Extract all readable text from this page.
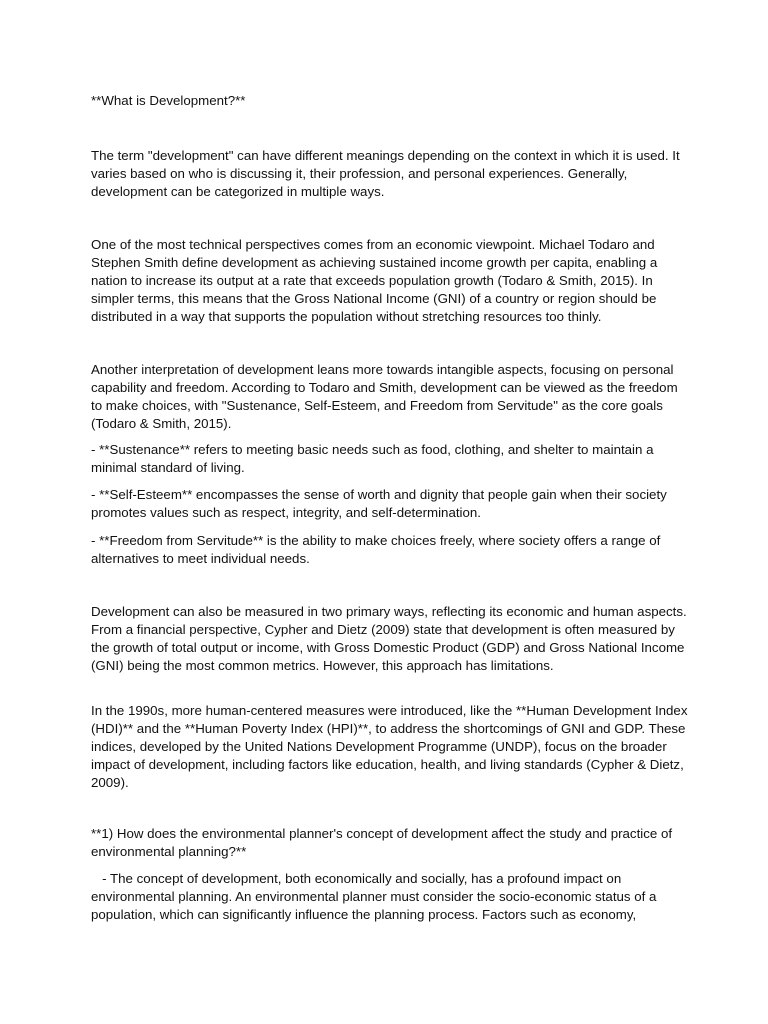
**What is Development?**

The term "development" can have different meanings depending on the context in which it is used. It varies based on who is discussing it, their profession, and personal experiences. Generally, development can be categorized in multiple ways.

One of the most technical perspectives comes from an economic viewpoint. Michael Todaro and Stephen Smith define development as achieving sustained income growth per capita, enabling a nation to increase its output at a rate that exceeds population growth (Todaro & Smith, 2015). In simpler terms, this means that the Gross National Income (GNI) of a country or region should be distributed in a way that supports the population without stretching resources too thinly.

Another interpretation of development leans more towards intangible aspects, focusing on personal capability and freedom. According to Todaro and Smith, development can be viewed as the freedom to make choices, with "Sustenance, Self-Esteem, and Freedom from Servitude" as the core goals (Todaro & Smith, 2015).

- **Sustenance** refers to meeting basic needs such as food, clothing, and shelter to maintain a minimal standard of living.

- **Self-Esteem** encompasses the sense of worth and dignity that people gain when their society promotes values such as respect, integrity, and self-determination.

- **Freedom from Servitude** is the ability to make choices freely, where society offers a range of alternatives to meet individual needs.

Development can also be measured in two primary ways, reflecting its economic and human aspects. From a financial perspective, Cypher and Dietz (2009) state that development is often measured by the growth of total output or income, with Gross Domestic Product (GDP) and Gross National Income (GNI) being the most common metrics. However, this approach has limitations.

In the 1990s, more human-centered measures were introduced, like the **Human Development Index (HDI)** and the **Human Poverty Index (HPI)**, to address the shortcomings of GNI and GDP. These indices, developed by the United Nations Development Programme (UNDP), focus on the broader impact of development, including factors like education, health, and living standards (Cypher & Dietz, 2009).

**1) How does the environmental planner's concept of development affect the study and practice of environmental planning?**

- The concept of development, both economically and socially, has a profound impact on environmental planning. An environmental planner must consider the socio-economic status of a population, which can significantly influence the planning process. Factors such as economy,
